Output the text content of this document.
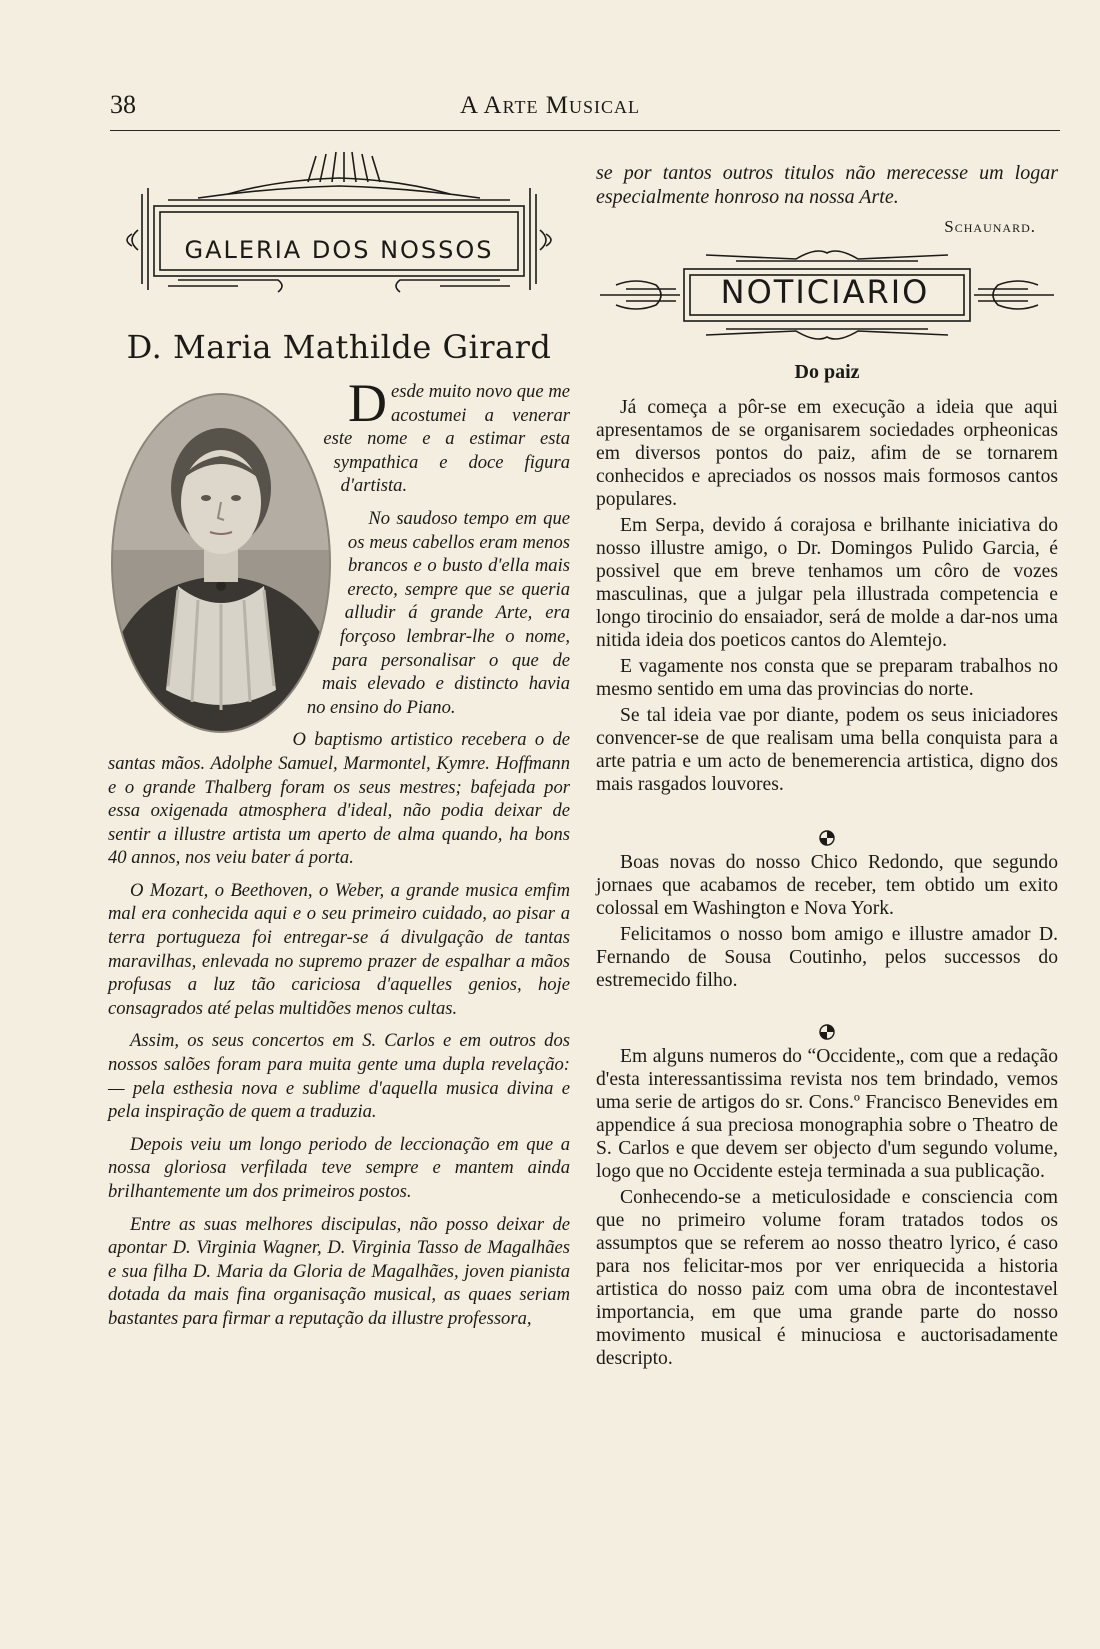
38	A Arte Musical
GALERIA DOS NOSSOS
D. Maria Mathilde Girard

Desde muito novo que me acostumei a venerar este nome e a estimar esta sympathica e doce figura d'artista.

No saudoso tempo em que os meus cabellos eram menos brancos e o busto d'ella mais erecto, sempre que se queria alludir á grande Arte, era forçoso lembrar-lhe o nome, para personalisar o que de mais elevado e distincto havia no ensino do Piano.

O baptismo artistico recebera o de santas mãos. Adolphe Samuel, Marmontel, Kymre. Hoffmann e o grande Thalberg foram os seus mestres; bafejada por essa oxigenada atmosphera d'ideal, não podia deixar de sentir a illustre artista um aperto de alma quando, ha bons 40 annos, nos veiu bater á porta.

O Mozart, o Beethoven, o Weber, a grande musica emfim mal era conhecida aqui e o seu primeiro cuidado, ao pisar a terra portugueza foi entregar-se á divulgação de tantas maravilhas, enlevada no supremo prazer de espalhar a mãos profusas a luz tão cariciosa d'aquelles genios, hoje consagrados até pelas multidões menos cultas.

Assim, os seus concertos em S. Carlos e em outros dos nossos salões foram para muita gente uma dupla revelação: — pela esthesia nova e sublime d'aquella musica divina e pela inspiração de quem a traduzia.

Depois veiu um longo periodo de leccionação em que a nossa gloriosa verfilada teve sempre e mantem ainda brilhantemente um dos primeiros postos.

Entre as suas melhores discipulas, não posso deixar de apontar D. Virginia Wagner, D. Virginia Tasso de Magalhães e sua filha D. Maria da Gloria de Magalhães, joven pianista dotada da mais fina organisação musical, as quaes seriam bastantes para firmar a reputação da illustre professora,

se por tantos outros titulos não merecesse um logar especialmente honroso na nossa Arte.

Schaunard.
NOTICIARIO
Do paiz

Já começa a pôr-se em execução a ideia que aqui apresentamos de se organisarem sociedades orpheonicas em diversos pontos do paiz, afim de se tornarem conhecidos e apreciados os nossos mais formosos cantos populares.

Em Serpa, devido á corajosa e brilhante iniciativa do nosso illustre amigo, o Dr. Domingos Pulido Garcia, é possivel que em breve tenhamos um côro de vozes masculinas, que a julgar pela illustrada competencia e longo tirocinio do ensaiador, será de molde a dar-nos uma nitida ideia dos poeticos cantos do Alemtejo.

E vagamente nos consta que se preparam trabalhos no mesmo sentido em uma das provincias do norte.

Se tal ideia vae por diante, podem os seus iniciadores convencer-se de que realisam uma bella conquista para a arte patria e um acto de benemerencia artistica, digno dos mais rasgados louvores.

Boas novas do nosso Chico Redondo, que segundo jornaes que acabamos de receber, tem obtido um exito colossal em Washington e Nova York.

Felicitamos o nosso bom amigo e illustre amador D. Fernando de Sousa Coutinho, pelos successos do estremecido filho.

Em alguns numeros do “Occidente„ com que a redação d'esta interessantissima revista nos tem brindado, vemos uma serie de artigos do sr. Cons.º Francisco Benevides em appendice á sua preciosa monographia sobre o Theatro de S. Carlos e que devem ser objecto d'um segundo volume, logo que no Occidente esteja terminada a sua publicação.

Conhecendo-se a meticulosidade e consciencia com que no primeiro volume foram tratados todos os assumptos que se referem ao nosso theatro lyrico, é caso para nos felicitar-mos por ver enriquecida a historia artistica do nosso paiz com uma obra de incontestavel importancia, em que uma grande parte do nosso movimento musical é minuciosa e auctorisadamente descripto.
